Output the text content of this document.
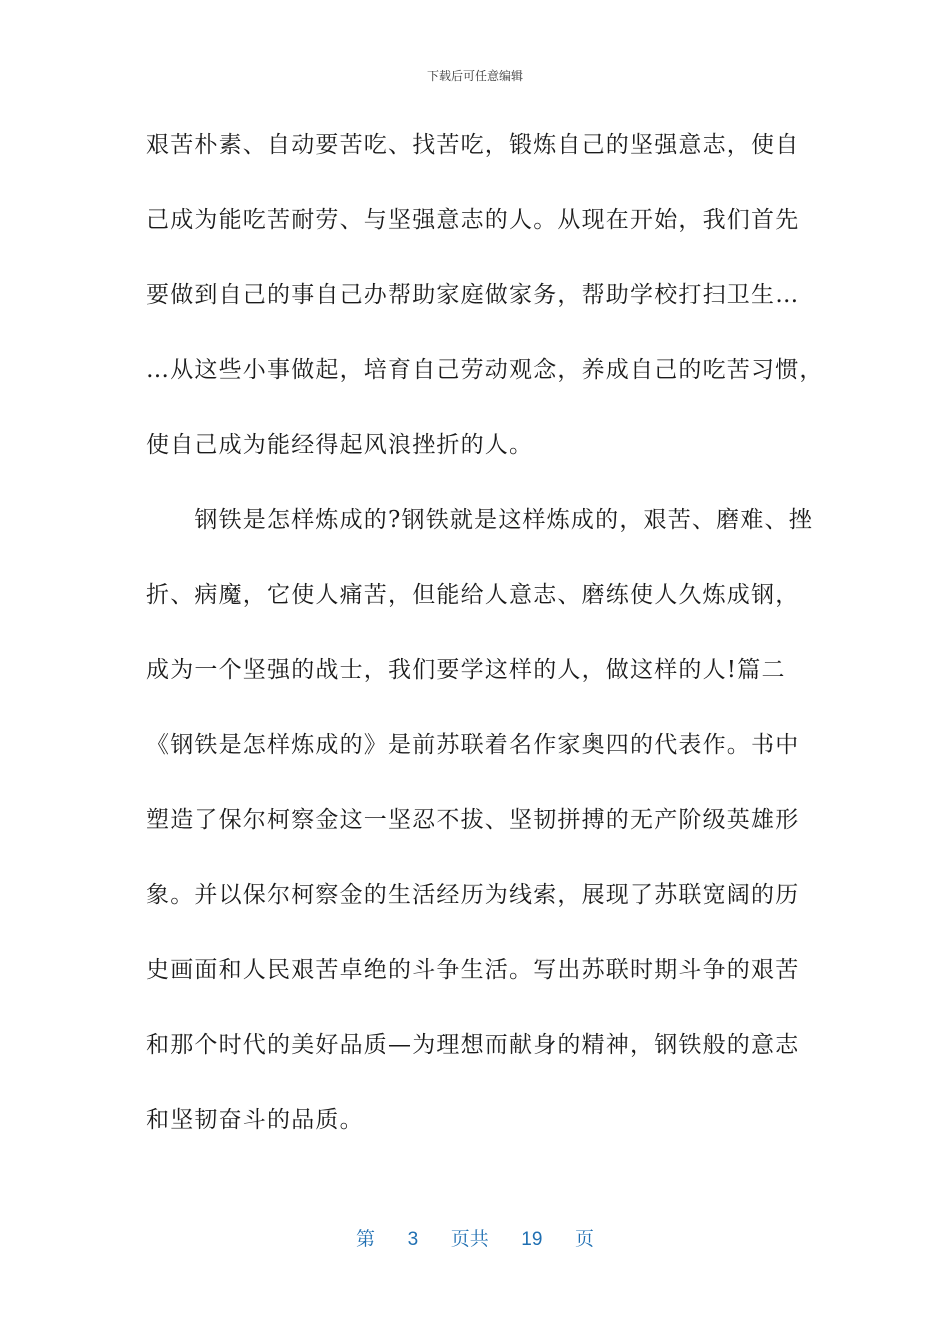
下载后可任意编辑
艰苦朴素、自动要苦吃、找苦吃，锻炼自己的坚强意志，使自
己成为能吃苦耐劳、与坚强意志的人。从现在开始，我们首先
要做到自己的事自己办帮助家庭做家务，帮助学校打扫卫生…
…从这些小事做起，培育自己劳动观念，养成自己的吃苦习惯，
使自己成为能经得起风浪挫折的人。
　　钢铁是怎样炼成的?钢铁就是这样炼成的，艰苦、磨难、挫
折、病魔，它使人痛苦，但能给人意志、磨练使人久炼成钢，
成为一个坚强的战士，我们要学这样的人，做这样的人!篇二
《钢铁是怎样炼成的》是前苏联着名作家奥四的代表作。书中
塑造了保尔柯察金这一坚忍不拔、坚韧拼搏的无产阶级英雄形
象。并以保尔柯察金的生活经历为线索，展现了苏联宽阔的历
史画面和人民艰苦卓绝的斗争生活。写出苏联时期斗争的艰苦
和那个时代的美好品质—为理想而献身的精神，钢铁般的意志
和坚韧奋斗的品质。
第 3 页共 19 页
